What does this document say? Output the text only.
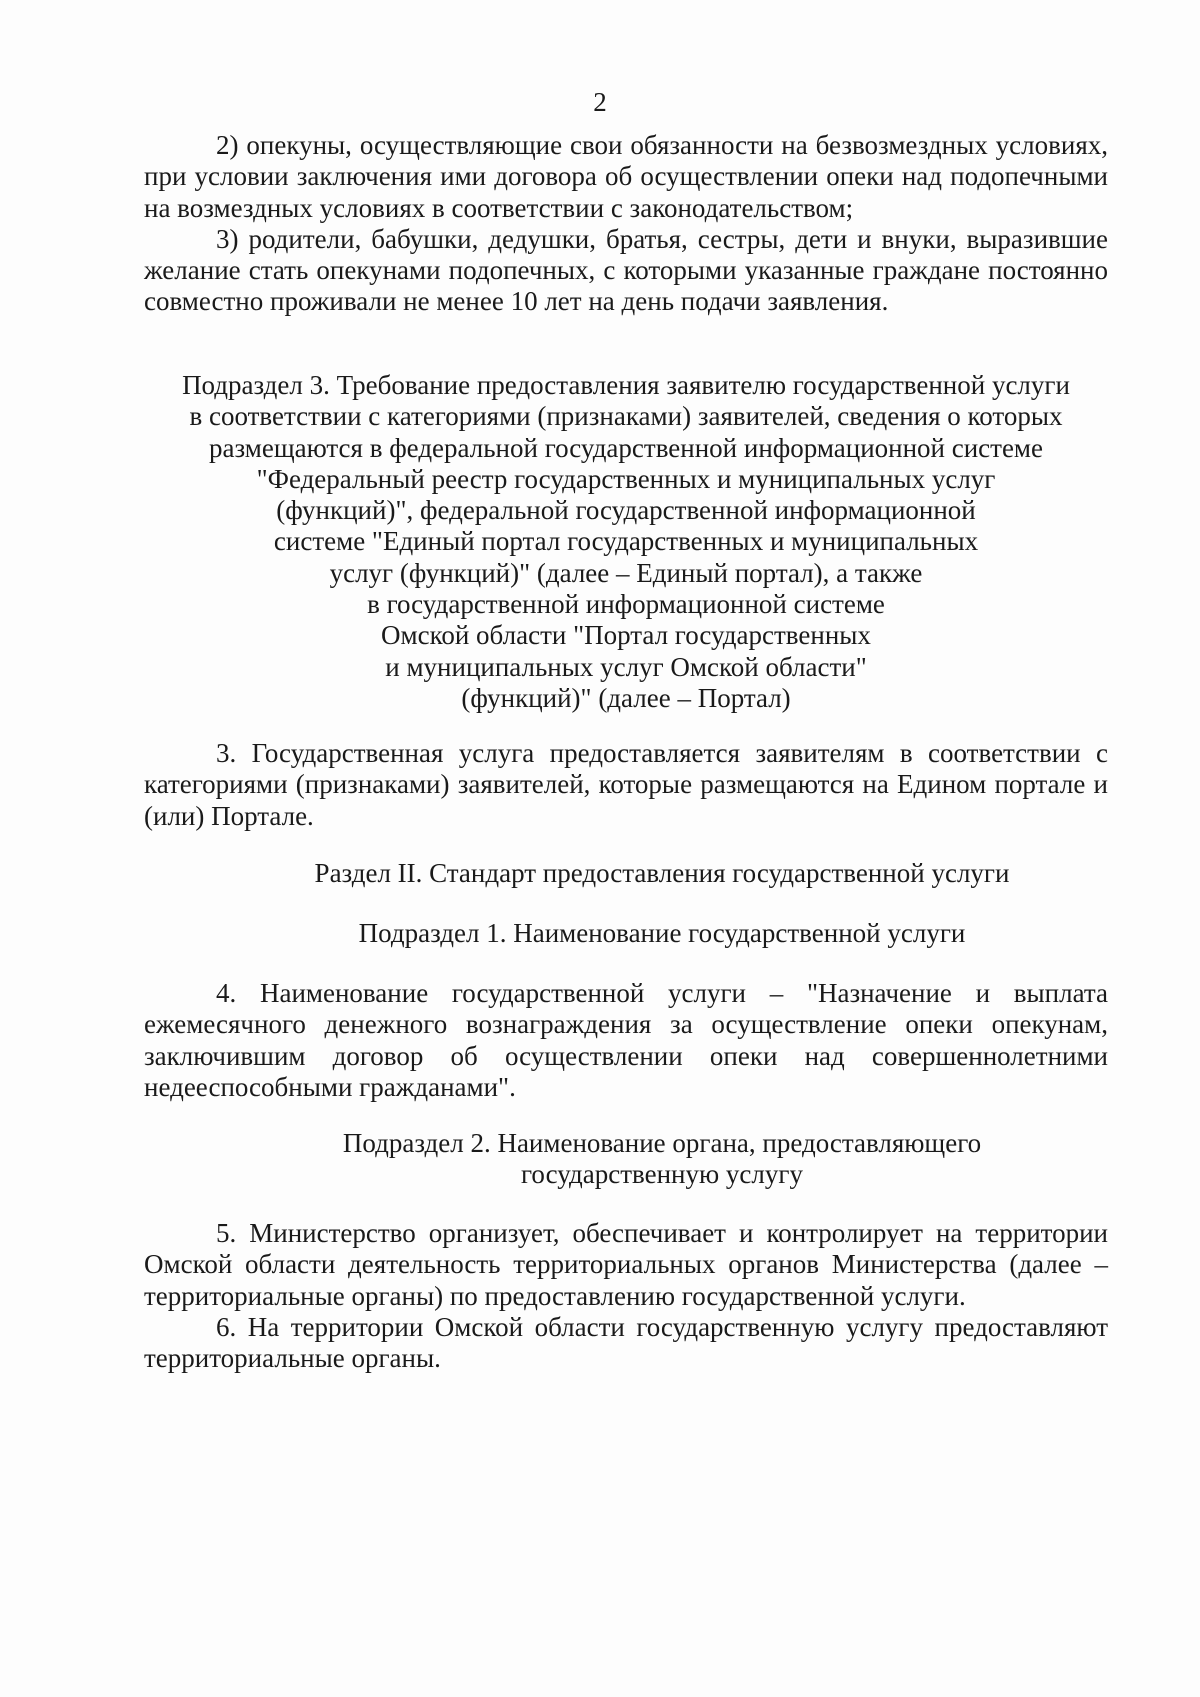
2

2) опекуны, осуществляющие свои обязанности на безвозмездных условиях, при условии заключения ими договора об осуществлении опеки над подопечными на возмездных условиях в соответствии с законодательством;

3) родители, бабушки, дедушки, братья, сестры, дети и внуки, выразившие желание стать опекунами подопечных, с которыми указанные граждане постоянно совместно проживали не менее 10 лет на день подачи заявления.

Подраздел 3. Требование предоставления заявителю государственной услуги
в соответствии с категориями (признаками) заявителей, сведения о которых
размещаются в федеральной государственной информационной системе
"Федеральный реестр государственных и муниципальных услуг
(функций)", федеральной государственной информационной
системе "Единый портал государственных и муниципальных
услуг (функций)" (далее – Единый портал), а также
в государственной информационной системе
Омской области "Портал государственных
и муниципальных услуг Омской области"
(функций)" (далее – Портал)

3. Государственная услуга предоставляется заявителям в соответствии с категориями (признаками) заявителей, которые размещаются на Едином портале и (или) Портале.

Раздел II. Стандарт предоставления государственной услуги
Подраздел 1. Наименование государственной услуги

4. Наименование государственной услуги – "Назначение и выплата ежемесячного денежного вознаграждения за осуществление опеки опекунам, заключившим договор об осуществлении опеки над совершеннолетними недееспособными гражданами".

Подраздел 2. Наименование органа, предоставляющего
государственную услугу

5. Министерство организует, обеспечивает и контролирует на территории Омской области деятельность территориальных органов Министерства (далее – территориальные органы) по предоставлению государственной услуги.

6. На территории Омской области государственную услугу предоставляют территориальные органы.
